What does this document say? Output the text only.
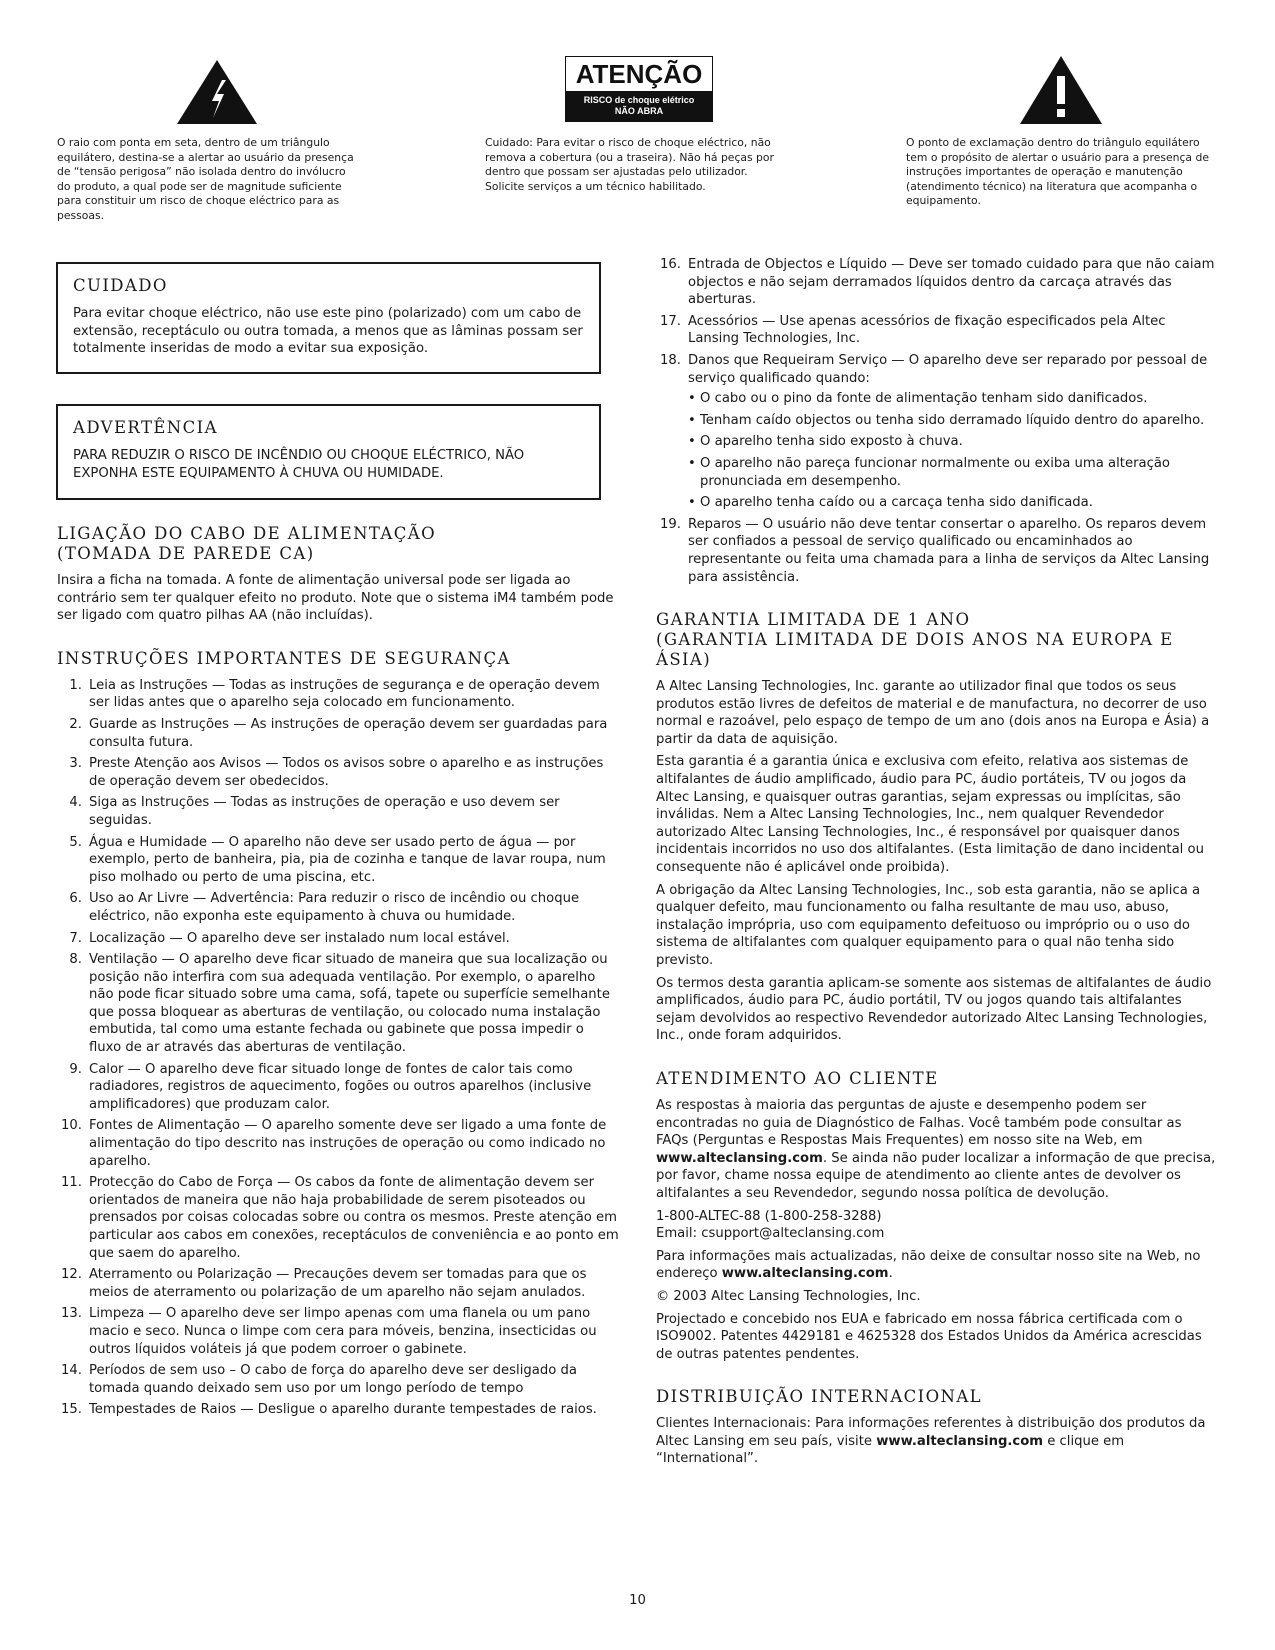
O raio com ponta em seta, dentro de um triângulo equilátero, destina-se a alertar ao usuário da presença de “tensão perigosa” não isolada dentro do invólucro do produto, a qual pode ser de magnitude suficiente para constituir um risco de choque eléctrico para as pessoas.
ATENÇÃO
RISCO de choque elétrico
NÃO ABRA
Cuidado: Para evitar o risco de choque eléctrico, não remova a cobertura (ou a traseira). Não há peças por dentro que possam ser ajustadas pelo utilizador. Solicite serviços a um técnico habilitado.
O ponto de exclamação dentro do triângulo equilátero tem o propósito de alertar o usuário para a presença de instruções importantes de operação e manutenção (atendimento técnico) na literatura que acompanha o equipamento.
CUIDADO
Para evitar choque eléctrico, não use este pino (polarizado) com um cabo de extensão, receptáculo ou outra tomada, a menos que as lâminas possam ser totalmente inseridas de modo a evitar sua exposição.
ADVERTÊNCIA
PARA REDUZIR O RISCO DE INCÊNDIO OU CHOQUE ELÉCTRICO, NÃO EXPONHA ESTE EQUIPAMENTO À CHUVA OU HUMIDADE.
LIGAÇÃO DO CABO DE ALIMENTAÇÃO
(TOMADA DE PAREDE CA)
Insira a ficha na tomada. A fonte de alimentação universal pode ser ligada ao contrário sem ter qualquer efeito no produto. Note que o sistema iM4 também pode ser ligado com quatro pilhas AA (não incluídas).
INSTRUÇÕES IMPORTANTES DE SEGURANÇA
1. Leia as Instruções — Todas as instruções de segurança e de operação devem ser lidas antes que o aparelho seja colocado em funcionamento.
2. Guarde as Instruções — As instruções de operação devem ser guardadas para consulta futura.
3. Preste Atenção aos Avisos — Todos os avisos sobre o aparelho e as instruções de operação devem ser obedecidos.
4. Siga as Instruções — Todas as instruções de operação e uso devem ser seguidas.
5. Água e Humidade — O aparelho não deve ser usado perto de água — por exemplo, perto de banheira, pia, pia de cozinha e tanque de lavar roupa, num piso molhado ou perto de uma piscina, etc.
6. Uso ao Ar Livre — Advertência: Para reduzir o risco de incêndio ou choque eléctrico, não exponha este equipamento à chuva ou humidade.
7. Localização — O aparelho deve ser instalado num local estável.
8. Ventilação — O aparelho deve ficar situado de maneira que sua localização ou posição não interfira com sua adequada ventilação. Por exemplo, o aparelho não pode ficar situado sobre uma cama, sofá, tapete ou superfície semelhante que possa bloquear as aberturas de ventilação, ou colocado numa instalação embutida, tal como uma estante fechada ou gabinete que possa impedir o fluxo de ar através das aberturas de ventilação.
9. Calor — O aparelho deve ficar situado longe de fontes de calor tais como radiadores, registros de aquecimento, fogões ou outros aparelhos (inclusive amplificadores) que produzam calor.
10. Fontes de Alimentação — O aparelho somente deve ser ligado a uma fonte de alimentação do tipo descrito nas instruções de operação ou como indicado no aparelho.
11. Protecção do Cabo de Força — Os cabos da fonte de alimentação devem ser orientados de maneira que não haja probabilidade de serem pisoteados ou prensados por coisas colocadas sobre ou contra os mesmos. Preste atenção em particular aos cabos em conexões, receptáculos de conveniência e ao ponto em que saem do aparelho.
12. Aterramento ou Polarização — Precauções devem ser tomadas para que os meios de aterramento ou polarização de um aparelho não sejam anulados.
13. Limpeza — O aparelho deve ser limpo apenas com uma flanela ou um pano macio e seco. Nunca o limpe com cera para móveis, benzina, insecticidas ou outros líquidos voláteis já que podem corroer o gabinete.
14. Períodos de sem uso – O cabo de força do aparelho deve ser desligado da tomada quando deixado sem uso por um longo período de tempo
15. Tempestades de Raios — Desligue o aparelho durante tempestades de raios.
16. Entrada de Objectos e Líquido — Deve ser tomado cuidado para que não caiam objectos e não sejam derramados líquidos dentro da carcaça através das aberturas.
17. Acessórios — Use apenas acessórios de fixação especificados pela Altec Lansing Technologies, Inc.
18. Danos que Requeiram Serviço — O aparelho deve ser reparado por pessoal de serviço qualificado quando:
• O cabo ou o pino da fonte de alimentação tenham sido danificados.
• Tenham caído objectos ou tenha sido derramado líquido dentro do aparelho.
• O aparelho tenha sido exposto à chuva.
• O aparelho não pareça funcionar normalmente ou exiba uma alteração pronunciada em desempenho.
• O aparelho tenha caído ou a carcaça tenha sido danificada.
19. Reparos — O usuário não deve tentar consertar o aparelho. Os reparos devem ser confiados a pessoal de serviço qualificado ou encaminhados ao representante ou feita uma chamada para a linha de serviços da Altec Lansing para assistência.
GARANTIA LIMITADA DE 1 ANO
(GARANTIA LIMITADA DE DOIS ANOS NA EUROPA E ÁSIA)

A Altec Lansing Technologies, Inc. garante ao utilizador final que todos os seus produtos estão livres de defeitos de material e de manufactura, no decorrer de uso normal e razoável, pelo espaço de tempo de um ano (dois anos na Europa e Ásia) a partir da data de aquisição.

Esta garantia é a garantia única e exclusiva com efeito, relativa aos sistemas de altifalantes de áudio amplificado, áudio para PC, áudio portáteis, TV ou jogos da Altec Lansing, e quaisquer outras garantias, sejam expressas ou implícitas, são inválidas. Nem a Altec Lansing Technologies, Inc., nem qualquer Revendedor autorizado Altec Lansing Technologies, Inc., é responsável por quaisquer danos incidentais incorridos no uso dos altifalantes. (Esta limitação de dano incidental ou consequente não é aplicável onde proibida).

A obrigação da Altec Lansing Technologies, Inc., sob esta garantia, não se aplica a qualquer defeito, mau funcionamento ou falha resultante de mau uso, abuso, instalação imprópria, uso com equipamento defeituoso ou impróprio ou o uso do sistema de altifalantes com qualquer equipamento para o qual não tenha sido previsto.

Os termos desta garantia aplicam-se somente aos sistemas de altifalantes de áudio amplificados, áudio para PC, áudio portátil, TV ou jogos quando tais altifalantes sejam devolvidos ao respectivo Revendedor autorizado Altec Lansing Technologies, Inc., onde foram adquiridos.

ATENDIMENTO AO CLIENTE

As respostas à maioria das perguntas de ajuste e desempenho podem ser encontradas no guia de Diagnóstico de Falhas. Você também pode consultar as FAQs (Perguntas e Respostas Mais Frequentes) em nosso site na Web, em www.alteclansing.com. Se ainda não puder localizar a informação de que precisa, por favor, chame nossa equipe de atendimento ao cliente antes de devolver os altifalantes a seu Revendedor, segundo nossa política de devolução.

1-800-ALTEC-88 (1-800-258-3288)
Email: csupport@alteclansing.com

Para informações mais actualizadas, não deixe de consultar nosso site na Web, no endereço www.alteclansing.com.

© 2003 Altec Lansing Technologies, Inc.

Projectado e concebido nos EUA e fabricado em nossa fábrica certificada com o ISO9002. Patentes 4429181 e 4625328 dos Estados Unidos da América acrescidas de outras patentes pendentes.

DISTRIBUIÇÃO INTERNACIONAL

Clientes Internacionais: Para informações referentes à distribuição dos produtos da Altec Lansing em seu país, visite www.alteclansing.com e clique em “International”.

10
